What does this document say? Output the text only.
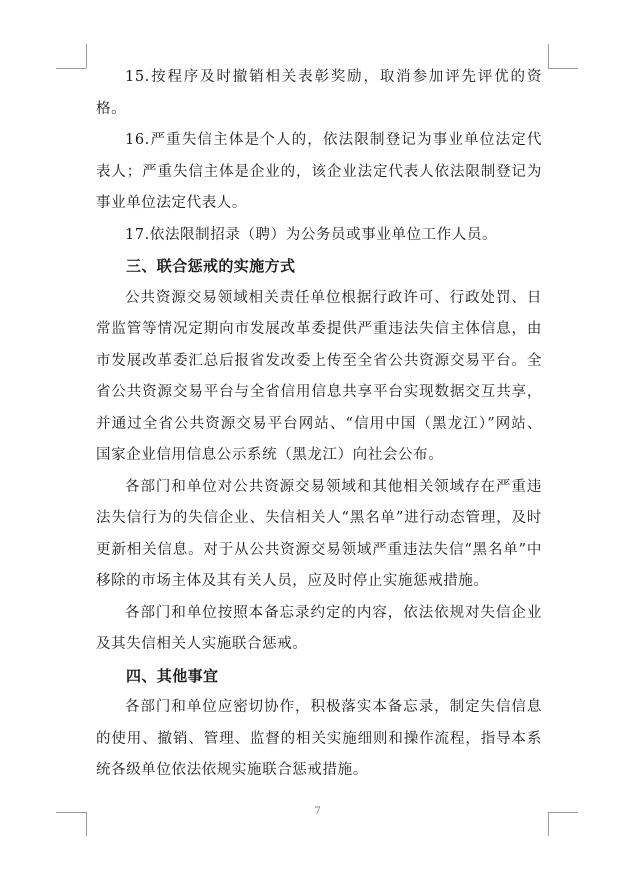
15.按程序及时撤销相关表彰奖励，取消参加评先评优的资格。

16.严重失信主体是个人的，依法限制登记为事业单位法定代表人；严重失信主体是企业的，该企业法定代表人依法限制登记为事业单位法定代表人。

17.依法限制招录（聘）为公务员或事业单位工作人员。

三、联合惩戒的实施方式

公共资源交易领域相关责任单位根据行政许可、行政处罚、日常监管等情况定期向市发展改革委提供严重违法失信主体信息，由市发展改革委汇总后报省发改委上传至全省公共资源交易平台。全省公共资源交易平台与全省信用信息共享平台实现数据交互共享，并通过全省公共资源交易平台网站、“信用中国（黑龙江）”网站、国家企业信用信息公示系统（黑龙江）向社会公布。

各部门和单位对公共资源交易领域和其他相关领域存在严重违法失信行为的失信企业、失信相关人“黑名单”进行动态管理，及时更新相关信息。对于从公共资源交易领域严重违法失信“黑名单”中移除的市场主体及其有关人员，应及时停止实施惩戒措施。

各部门和单位按照本备忘录约定的内容，依法依规对失信企业及其失信相关人实施联合惩戒。

四、其他事宜

各部门和单位应密切协作，积极落实本备忘录，制定失信信息的使用、撤销、管理、监督的相关实施细则和操作流程，指导本系统各级单位依法依规实施联合惩戒措施。

7
